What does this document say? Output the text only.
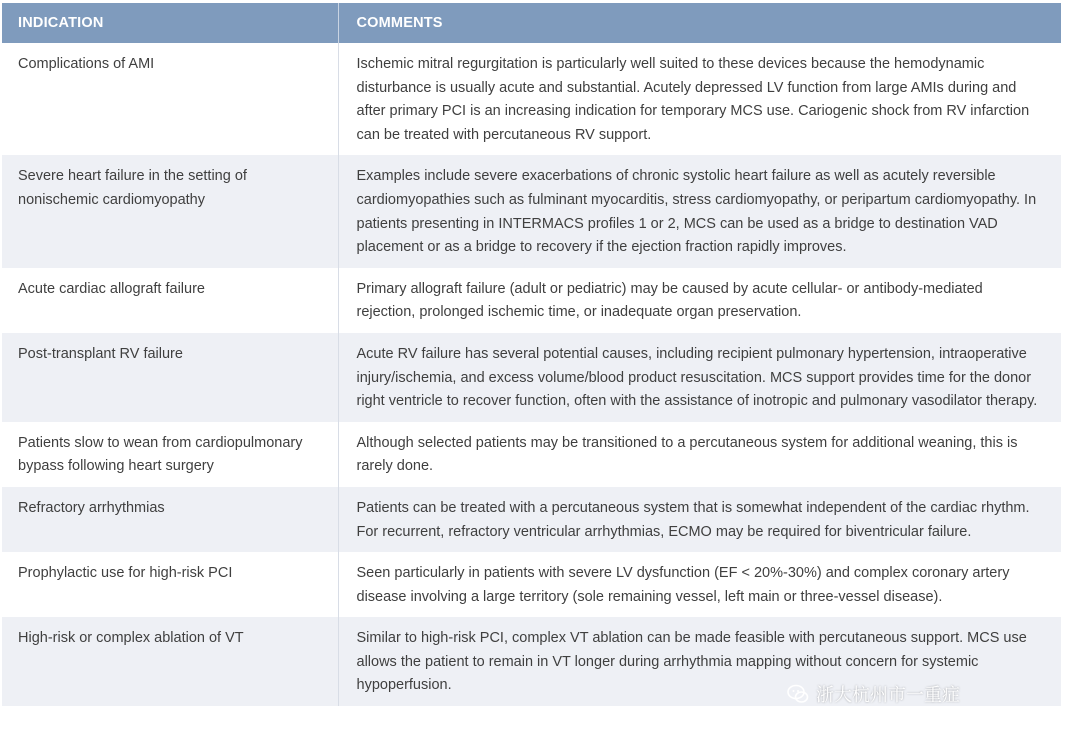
INDICATION	COMMENTS
Complications of AMI	Ischemic mitral regurgitation is particularly well suited to these devices because the hemodynamic disturbance is usually acute and substantial. Acutely depressed LV function from large AMIs during and after primary PCI is an increasing indication for temporary MCS use. Cariogenic shock from RV infarction can be treated with percutaneous RV support.
Severe heart failure in the setting of nonischemic cardiomyopathy	Examples include severe exacerbations of chronic systolic heart failure as well as acutely reversible cardiomyopathies such as fulminant myocarditis, stress cardiomyopathy, or peripartum cardiomyopathy. In patients presenting in INTERMACS profiles 1 or 2, MCS can be used as a bridge to destination VAD placement or as a bridge to recovery if the ejection fraction rapidly improves.
Acute cardiac allograft failure	Primary allograft failure (adult or pediatric) may be caused by acute cellular- or antibody-mediated rejection, prolonged ischemic time, or inadequate organ preservation.
Post-transplant RV failure	Acute RV failure has several potential causes, including recipient pulmonary hypertension, intraoperative injury/ischemia, and excess volume/blood product resuscitation. MCS support provides time for the donor right ventricle to recover function, often with the assistance of inotropic and pulmonary vasodilator therapy.
Patients slow to wean from cardiopulmonary bypass following heart surgery	Although selected patients may be transitioned to a percutaneous system for additional weaning, this is rarely done.
Refractory arrhythmias	Patients can be treated with a percutaneous system that is somewhat independent of the cardiac rhythm. For recurrent, refractory ventricular arrhythmias, ECMO may be required for biventricular failure.
Prophylactic use for high-risk PCI	Seen particularly in patients with severe LV dysfunction (EF < 20%-30%) and complex coronary artery disease involving a large territory (sole remaining vessel, left main or three-vessel disease).
High-risk or complex ablation of VT	Similar to high-risk PCI, complex VT ablation can be made feasible with percutaneous support. MCS use allows the patient to remain in VT longer during arrhythmia mapping without concern for systemic hypoperfusion.	浙大杭州市一重症
